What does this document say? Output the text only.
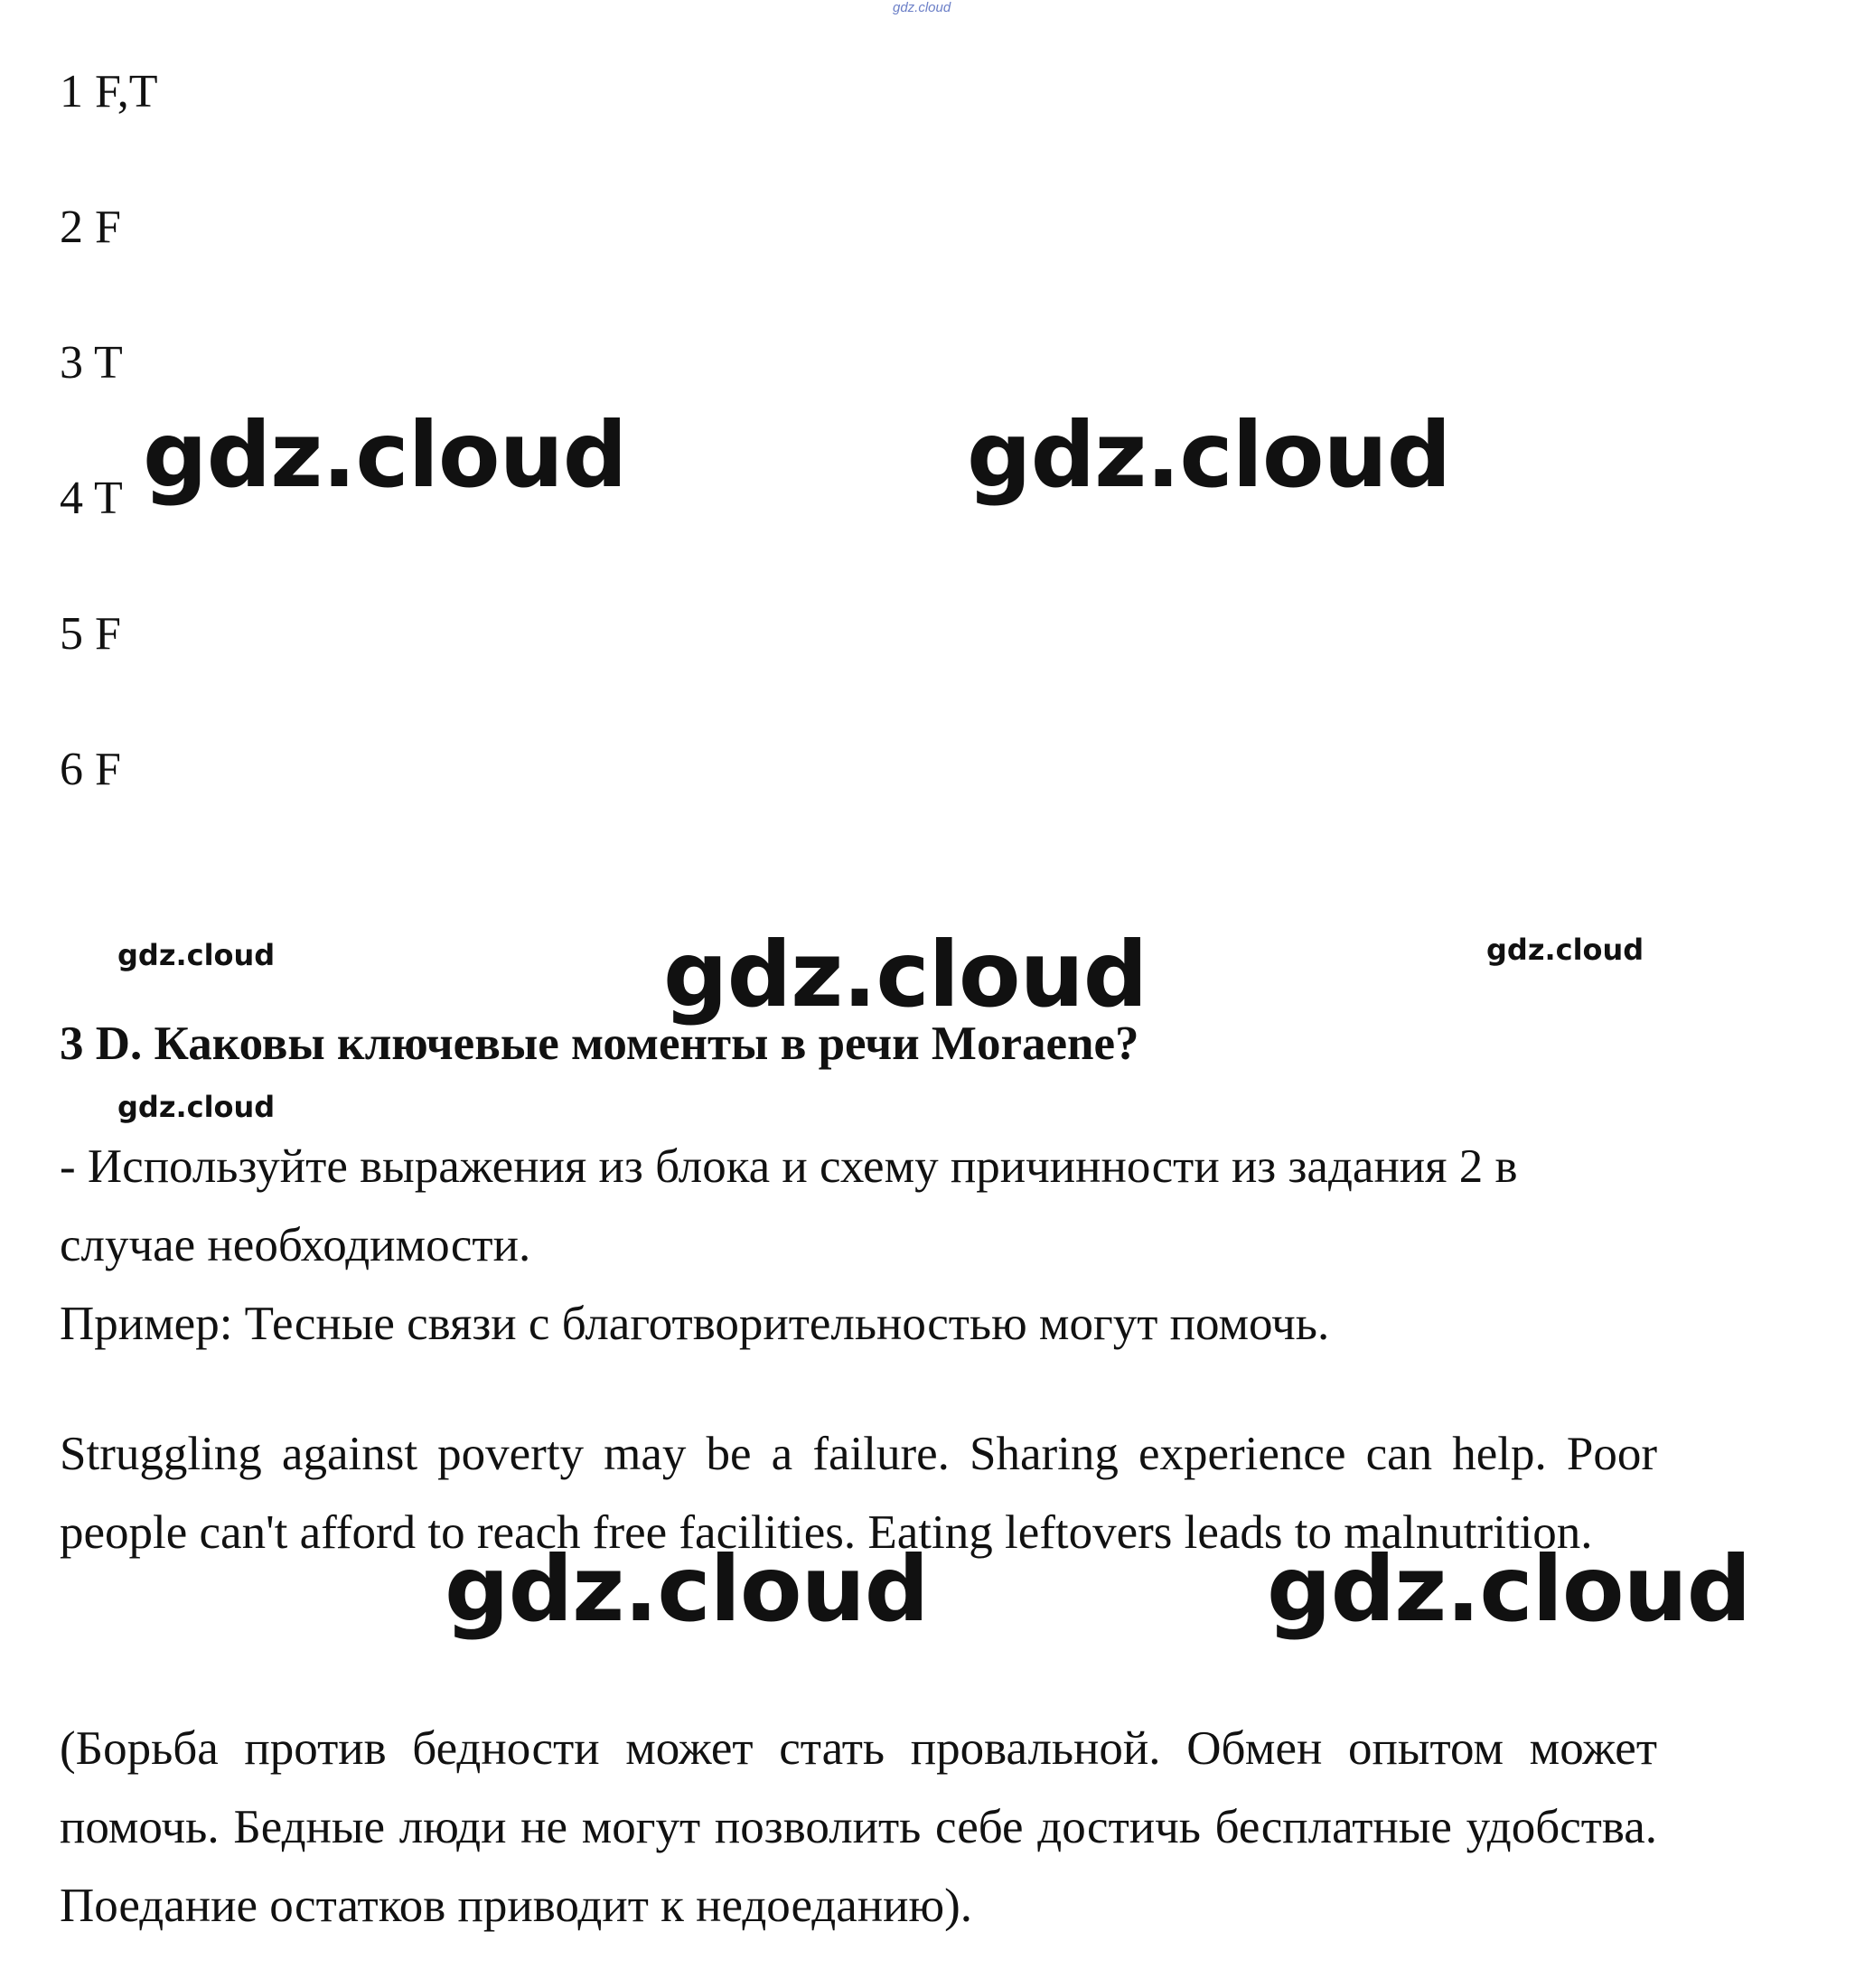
gdz.cloud
1 F,T
2 F
3 T
4 T
5 F
6 F
gdz.cloud	gdz.cloud
gdz.cloud
gdz.cloud	gdz.cloud
gdz.cloud	gdz.cloud
gdz.cloud
3 D. Каковы ключевые моменты в речи Moraene?
- Используйте выражения из блока и схему причинности из задания 2 в случае необходимости.
Пример: Тесные связи с благотворительностью могут помочь.
Struggling against poverty may be a failure. Sharing experience can help. Poor people can't afford to reach free facilities. Eating leftovers leads to malnutrition.
(Борьба против бедности может стать провальной. Обмен опытом может помочь. Бедные люди не могут позволить себе достичь бесплатные удобства. Поедание остатков приводит к недоеданию).
